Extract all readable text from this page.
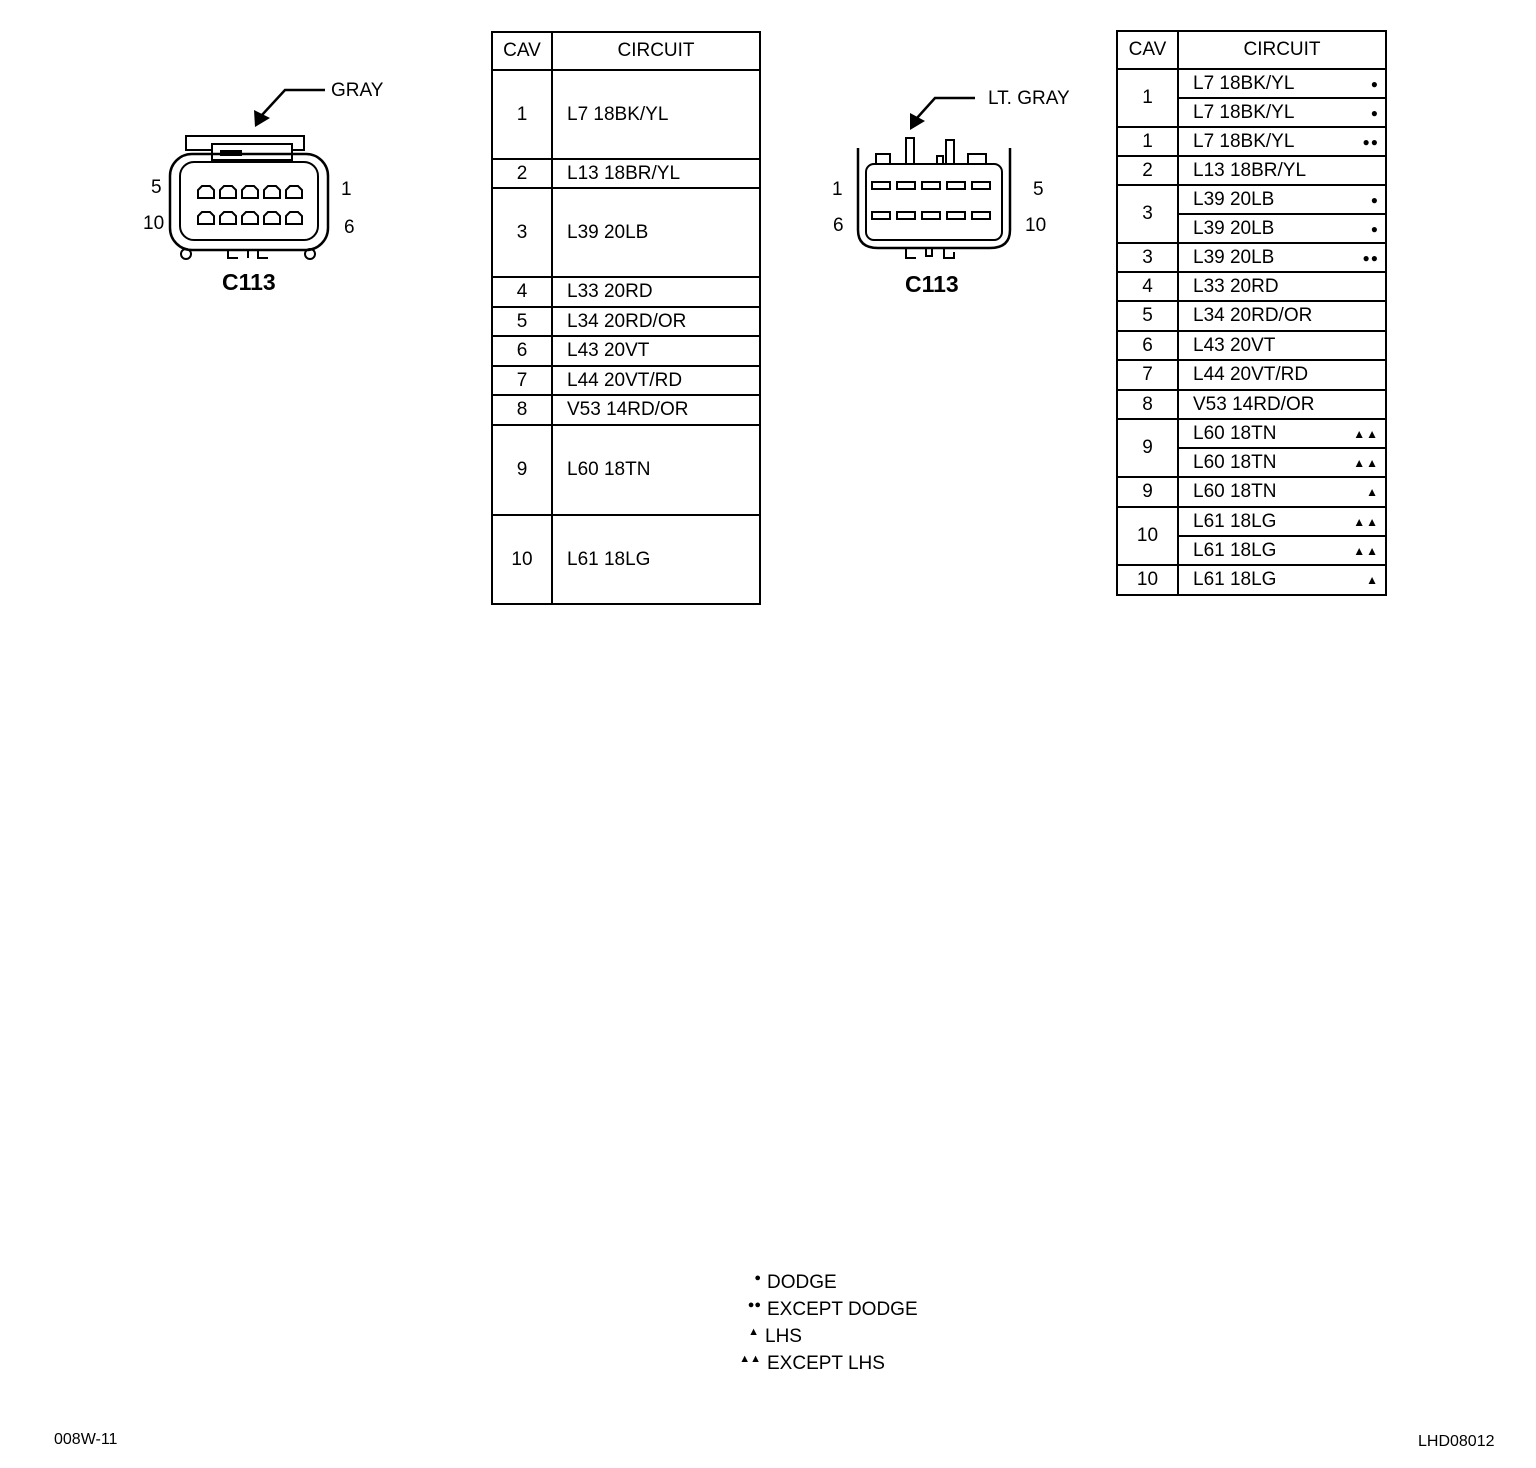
GRAY
5	1
10	6
C113
CAV	CIRCUIT
1	L7 18BK/YL
2	L13 18BR/YL
3	L39 20LB
4	L33 20RD
5	L34 20RD/OR
6	L43 20VT
7	L44 20VT/RD
8	V53 14RD/OR
9	L60 18TN
10	L61 18LG
LT. GRAY
1	5
6	10
C113
CAV	CIRCUIT
1	L7 18BK/YL ●

	L7 18BK/YL ●

1	L7 18BK/YL ●●

2	L13 18BR/YL
3	L39 20LB ●

	L39 20LB ●

3	L39 20LB ●●

4	L33 20RD
5	L34 20RD/OR
6	L43 20VT
7	L44 20VT/RD
8	V53 14RD/OR
9	L60 18TN ▲▲

	L60 18TN ▲▲

9	L60 18TN ▲

10	L61 18LG ▲▲

	L61 18LG ▲▲

10	L61 18LG ▲
● DODGE
●● EXCEPT DODGE
▲ LHS
▲▲ EXCEPT LHS
008W-11	LHD08012
